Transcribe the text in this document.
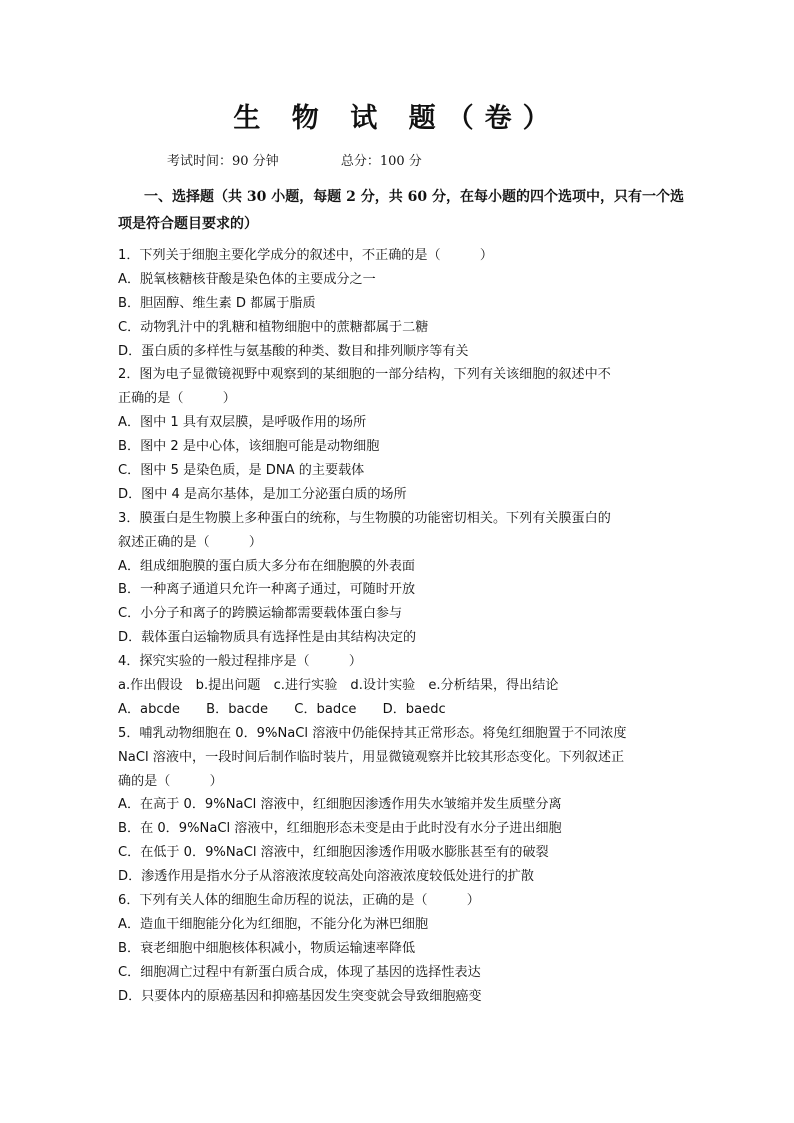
生 物 试 题（卷）
考试时间：90 分钟	总分：100 分
一、选择题（共 30 小题，每题 2 分，共 60 分，在每小题的四个选项中，只有一个选项是符合题目要求的）
1．下列关于细胞主要化学成分的叙述中，不正确的是（　　　）
A．脱氧核糖核苷酸是染色体的主要成分之一
B．胆固醇、维生素 D 都属于脂质
C．动物乳汁中的乳糖和植物细胞中的蔗糖都属于二糖
D．蛋白质的多样性与氨基酸的种类、数目和排列顺序等有关
2．图为电子显微镜视野中观察到的某细胞的一部分结构，下列有关该细胞的叙述中不
正确的是（　　　）
A．图中 1 具有双层膜，是呼吸作用的场所
B．图中 2 是中心体，该细胞可能是动物细胞
C．图中 5 是染色质，是 DNA 的主要载体
D．图中 4 是高尔基体，是加工分泌蛋白质的场所
3．膜蛋白是生物膜上多种蛋白的统称，与生物膜的功能密切相关。下列有关膜蛋白的
叙述正确的是（　　　）
A．组成细胞膜的蛋白质大多分布在细胞膜的外表面
B．一种离子通道只允许一种离子通过，可随时开放
C．小分子和离子的跨膜运输都需要载体蛋白参与
D．载体蛋白运输物质具有选择性是由其结构决定的
4．探究实验的一般过程排序是（　　　）
a.作出假设　b.提出问题　c.进行实验　d.设计实验　e.分析结果，得出结论
A．abcde　　B．bacde　　C．badce　　D．baedc
5．哺乳动物细胞在 0．9%NaCl 溶液中仍能保持其正常形态。将兔红细胞置于不同浓度
NaCl 溶液中，一段时间后制作临时装片，用显微镜观察并比较其形态变化。下列叙述正
确的是（　　　）
A．在高于 0．9%NaCl 溶液中，红细胞因渗透作用失水皱缩并发生质壁分离
B．在 0．9%NaCl 溶液中，红细胞形态未变是由于此时没有水分子进出细胞
C．在低于 0．9%NaCl 溶液中，红细胞因渗透作用吸水膨胀甚至有的破裂
D．渗透作用是指水分子从溶液浓度较高处向溶液浓度较低处进行的扩散
6．下列有关人体的细胞生命历程的说法，正确的是（　　　）
A．造血干细胞能分化为红细胞，不能分化为淋巴细胞
B．衰老细胞中细胞核体积减小，物质运输速率降低
C．细胞凋亡过程中有新蛋白质合成，体现了基因的选择性表达
D．只要体内的原癌基因和抑癌基因发生突变就会导致细胞癌变
